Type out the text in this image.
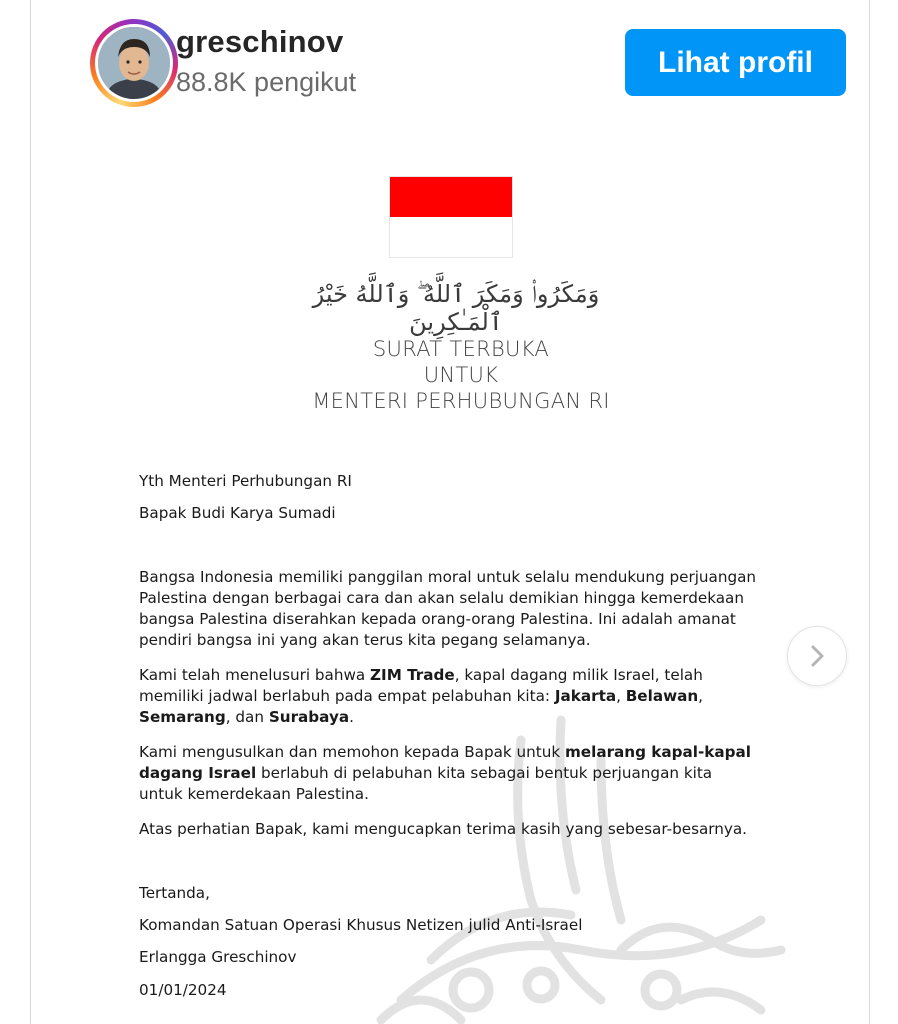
greschinov
88.8K pengikut
Lihat profil
وَمَكَرُوا۟ وَمَكَرَ ٱللَّهُ ۖ وَٱللَّهُ خَيْرُ ٱلْمَـٰكِرِينَ
SURAT TERBUKA
UNTUK
MENTERI PERHUBUNGAN RI
Yth Menteri Perhubungan RI
Bapak Budi Karya Sumadi
Bangsa Indonesia memiliki panggilan moral untuk selalu mendukung perjuangan Palestina dengan berbagai cara dan akan selalu demikian hingga kemerdekaan bangsa Palestina diserahkan kepada orang-orang Palestina. Ini adalah amanat pendiri bangsa ini yang akan terus kita pegang selamanya.
Kami telah menelusuri bahwa ZIM Trade, kapal dagang milik Israel, telah memiliki jadwal berlabuh pada empat pelabuhan kita: Jakarta, Belawan, Semarang, dan Surabaya.
Kami mengusulkan dan memohon kepada Bapak untuk melarang kapal-kapal dagang Israel berlabuh di pelabuhan kita sebagai bentuk perjuangan kita untuk kemerdekaan Palestina.
Atas perhatian Bapak, kami mengucapkan terima kasih yang sebesar-besarnya.
Tertanda,
Komandan Satuan Operasi Khusus Netizen julid Anti-Israel
Erlangga Greschinov
01/01/2024
